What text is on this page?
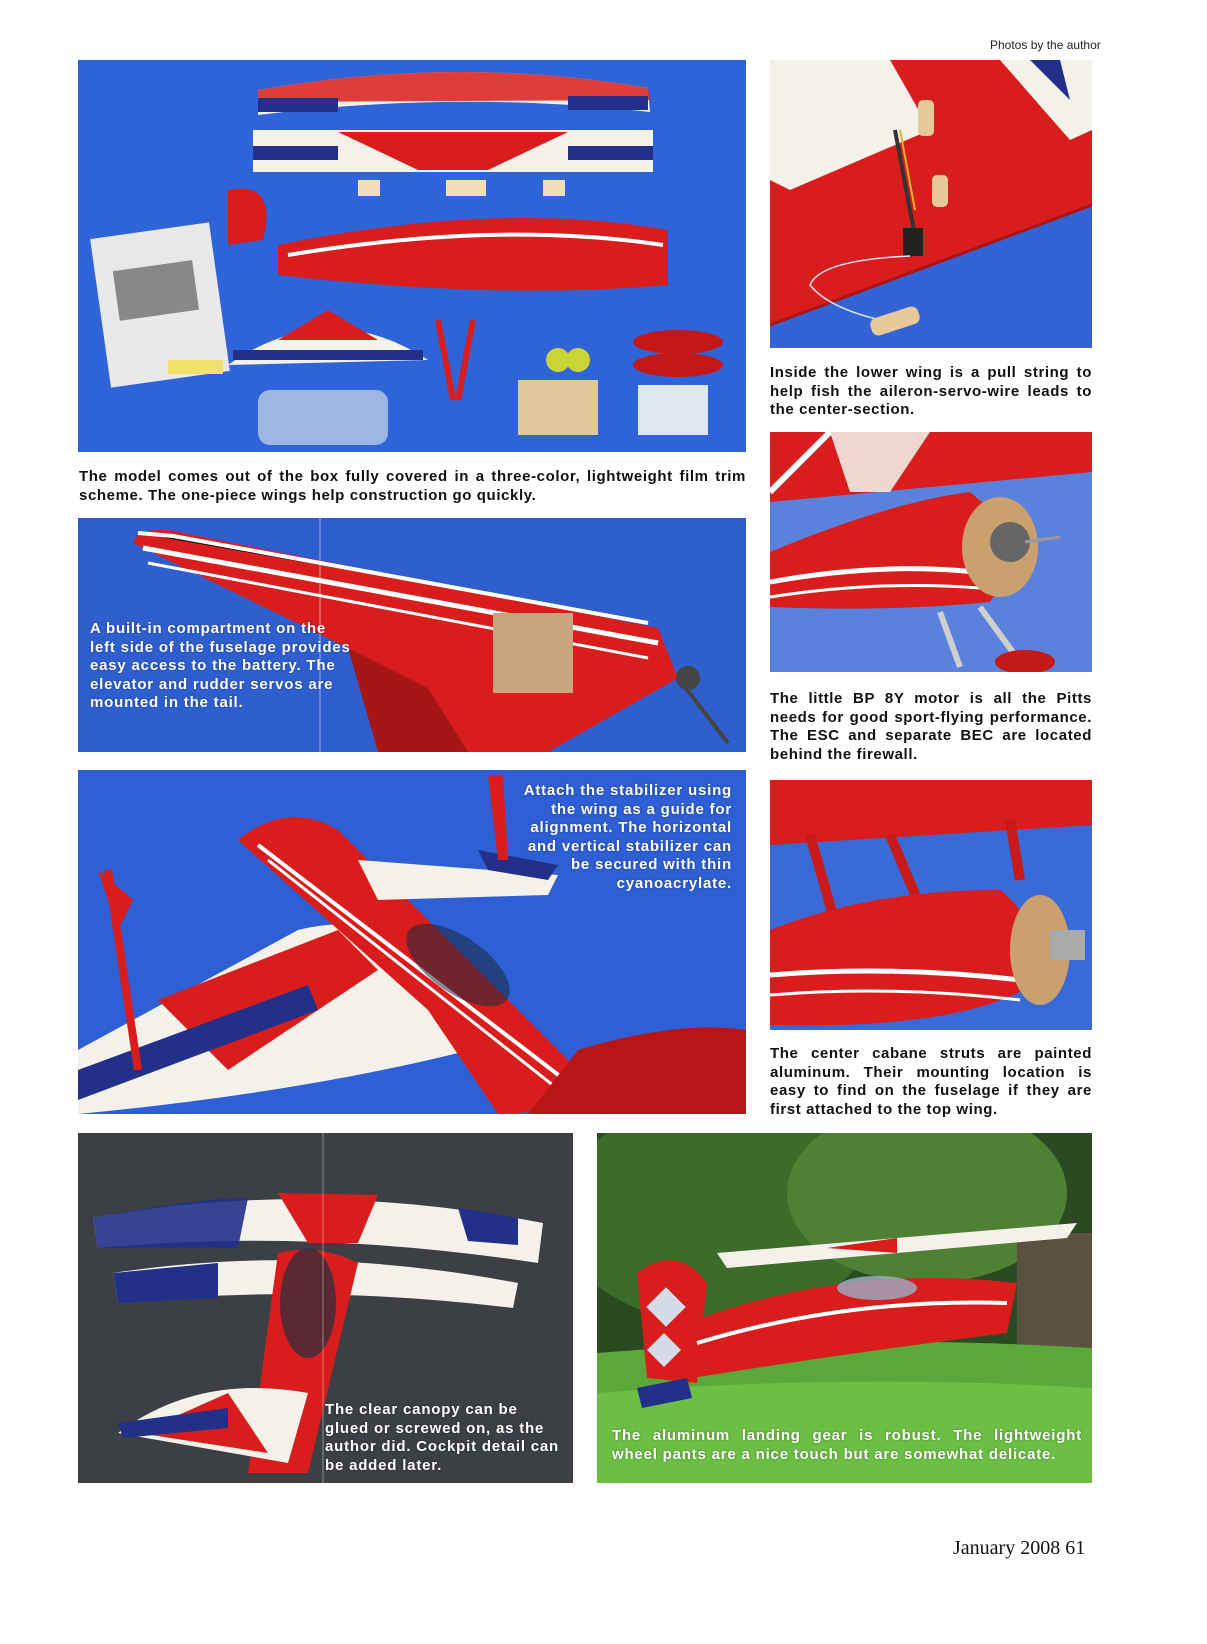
Photos by the author
Inside the lower wing is a pull string to help fish the aileron-servo-wire leads to the center-section.
The model comes out of the box fully covered in a three-color, lightweight film trim scheme. The one-piece wings help construction go quickly.
A built-in compartment on the left side of the fuselage provides easy access to the battery. The elevator and rudder servos are mounted in the tail.	The little BP 8Y motor is all the Pitts needs for good sport-flying performance. The ESC and separate BEC are located behind the firewall.
Attach the stabilizer using the wing as a guide for alignment. The horizontal and vertical stabilizer can be secured with thin cyanoacrylate.
The center cabane struts are painted aluminum. Their mounting location is easy to find on the fuselage if they are first attached to the top wing.
The clear canopy can be glued or screwed on, as the author did. Cockpit detail can be added later.
The aluminum landing gear is robust. The lightweight wheel pants are a nice touch but are somewhat delicate.
January 2008 61
